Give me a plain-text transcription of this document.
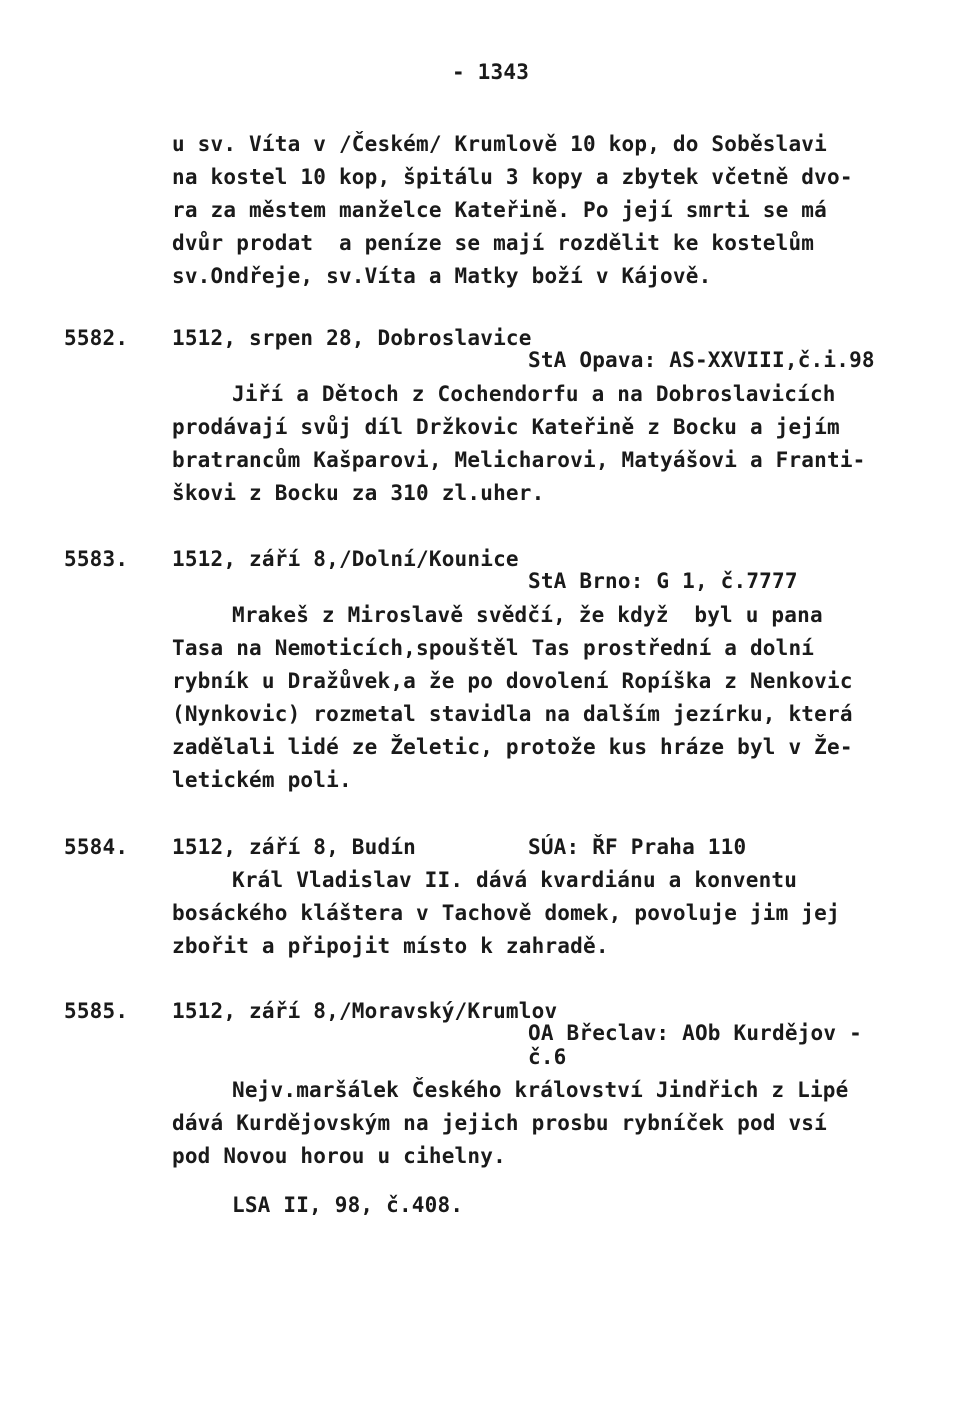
- 1343
u sv. Víta v /Českém/ Krumlově 10 kop, do Soběslavi
na kostel 10 kop, špitálu 3 kopy a zbytek včetně dvo-
ra za městem manželce Kateřině. Po její smrti se má
dvůr prodat  a peníze se mají rozdělit ke kostelům
sv.Ondřeje, sv.Víta a Matky boží v Kájově.
5582. 1512, srpen 28, Dobroslavice
StA Opava: AS-XXVIII,č.i.98
Jiří a Dětoch z Cochendorfu a na Dobroslavicích
prodávají svůj díl Držkovic Kateřině z Bocku a jejím
bratrancům Kašparovi, Melicharovi, Matyášovi a Franti-
škovi z Bocku za 310 zl.uher.
5583. 1512, září 8,/Dolní/Kounice
StA Brno: G 1, č.7777
Mrakeš z Miroslavě svědčí, že když  byl u pana
Tasa na Nemoticích,spouštěl Tas prostřední a dolní
rybník u Dražůvek,a že po dovolení Ropíška z Nenkovic
(Nynkovic) rozmetal stavidla na dalším jezírku, která
zadělali lidé ze Želetic, protože kus hráze byl v Že-
letickém poli.
5584. 1512, září 8, Budín	SÚA: ŘF Praha 110
Král Vladislav II. dává kvardiánu a konventu
bosáckého kláštera v Tachově domek, povoluje jim jej
zbořit a připojit místo k zahradě.
5585. 1512, září 8,/Moravský/Krumlov
OA Břeclav: AOb Kurdějov -
č.6
Nejv.maršálek Českého království Jindřich z Lipé
dává Kurdějovským na jejich prosbu rybníček pod vsí
pod Novou horou u cihelny.
LSA II, 98, č.408.
